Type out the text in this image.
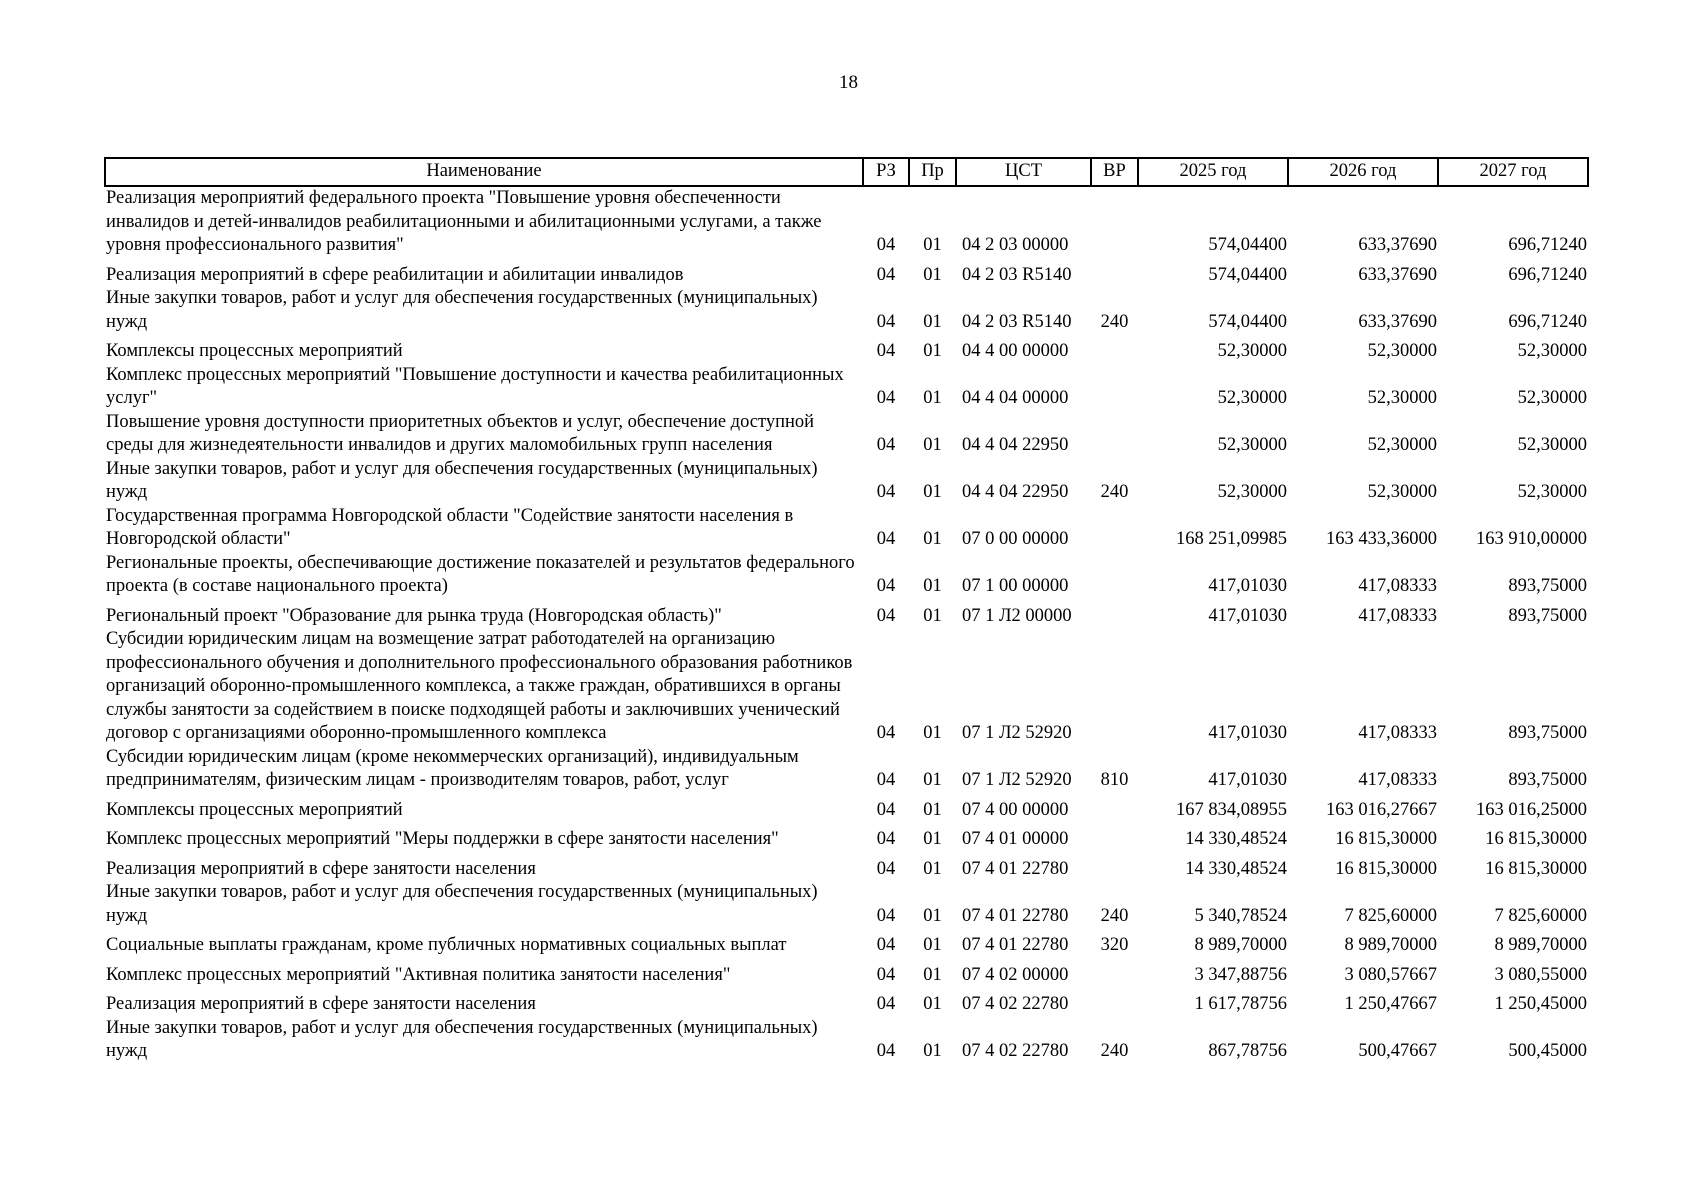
18
Наименование	РЗ	Пр	ЦСТ	ВР	2025 год	2026 год	2027 год
Реализация мероприятий федерального проекта "Повышение уровня обеспеченности инвалидов и детей-инвалидов реабилитационными и абилитационными услугами, а также уровня профессионального развития"	04	01	04 2 03 00000		574,04400	633,37690	696,71240
Реализация мероприятий в сфере реабилитации и абилитации инвалидов	04	01	04 2 03 R5140		574,04400	633,37690	696,71240
Иные закупки товаров, работ и услуг для обеспечения государственных (муниципальных) нужд	04	01	04 2 03 R5140	240	574,04400	633,37690	696,71240
Комплексы процессных мероприятий	04	01	04 4 00 00000		52,30000	52,30000	52,30000
Комплекс процессных мероприятий "Повышение доступности и качества реабилитационных услуг"	04	01	04 4 04 00000		52,30000	52,30000	52,30000
Повышение уровня доступности приоритетных объектов и услуг, обеспечение доступной среды для жизнедеятельности инвалидов и других маломобильных групп населения	04	01	04 4 04 22950		52,30000	52,30000	52,30000
Иные закупки товаров, работ и услуг для обеспечения государственных (муниципальных) нужд	04	01	04 4 04 22950	240	52,30000	52,30000	52,30000
Государственная программа Новгородской области "Содействие занятости населения в Новгородской области"	04	01	07 0 00 00000		168 251,09985	163 433,36000	163 910,00000
Региональные проекты, обеспечивающие достижение показателей и результатов федерального проекта (в составе национального проекта)	04	01	07 1 00 00000		417,01030	417,08333	893,75000
Региональный проект "Образование для рынка труда (Новгородская область)"	04	01	07 1 Л2 00000		417,01030	417,08333	893,75000
Субсидии юридическим лицам на возмещение затрат работодателей на организацию профессионального обучения и дополнительного профессионального образования работников организаций оборонно-промышленного комплекса, а также граждан, обратившихся в органы службы занятости за содействием в поиске подходящей работы и заключивших ученический договор с организациями оборонно-промышленного комплекса	04	01	07 1 Л2 52920		417,01030	417,08333	893,75000
Субсидии юридическим лицам (кроме некоммерческих организаций), индивидуальным предпринимателям, физическим лицам - производителям товаров, работ, услуг	04	01	07 1 Л2 52920	810	417,01030	417,08333	893,75000
Комплексы процессных мероприятий	04	01	07 4 00 00000		167 834,08955	163 016,27667	163 016,25000
Комплекс процессных мероприятий "Меры поддержки в сфере занятости населения"	04	01	07 4 01 00000		14 330,48524	16 815,30000	16 815,30000
Реализация мероприятий в сфере занятости населения	04	01	07 4 01 22780		14 330,48524	16 815,30000	16 815,30000
Иные закупки товаров, работ и услуг для обеспечения государственных (муниципальных) нужд	04	01	07 4 01 22780	240	5 340,78524	7 825,60000	7 825,60000
Социальные выплаты гражданам, кроме публичных нормативных социальных выплат	04	01	07 4 01 22780	320	8 989,70000	8 989,70000	8 989,70000
Комплекс процессных мероприятий "Активная политика занятости населения"	04	01	07 4 02 00000		3 347,88756	3 080,57667	3 080,55000
Реализация мероприятий в сфере занятости населения	04	01	07 4 02 22780		1 617,78756	1 250,47667	1 250,45000
Иные закупки товаров, работ и услуг для обеспечения государственных (муниципальных) нужд	04	01	07 4 02 22780	240	867,78756	500,47667	500,45000
